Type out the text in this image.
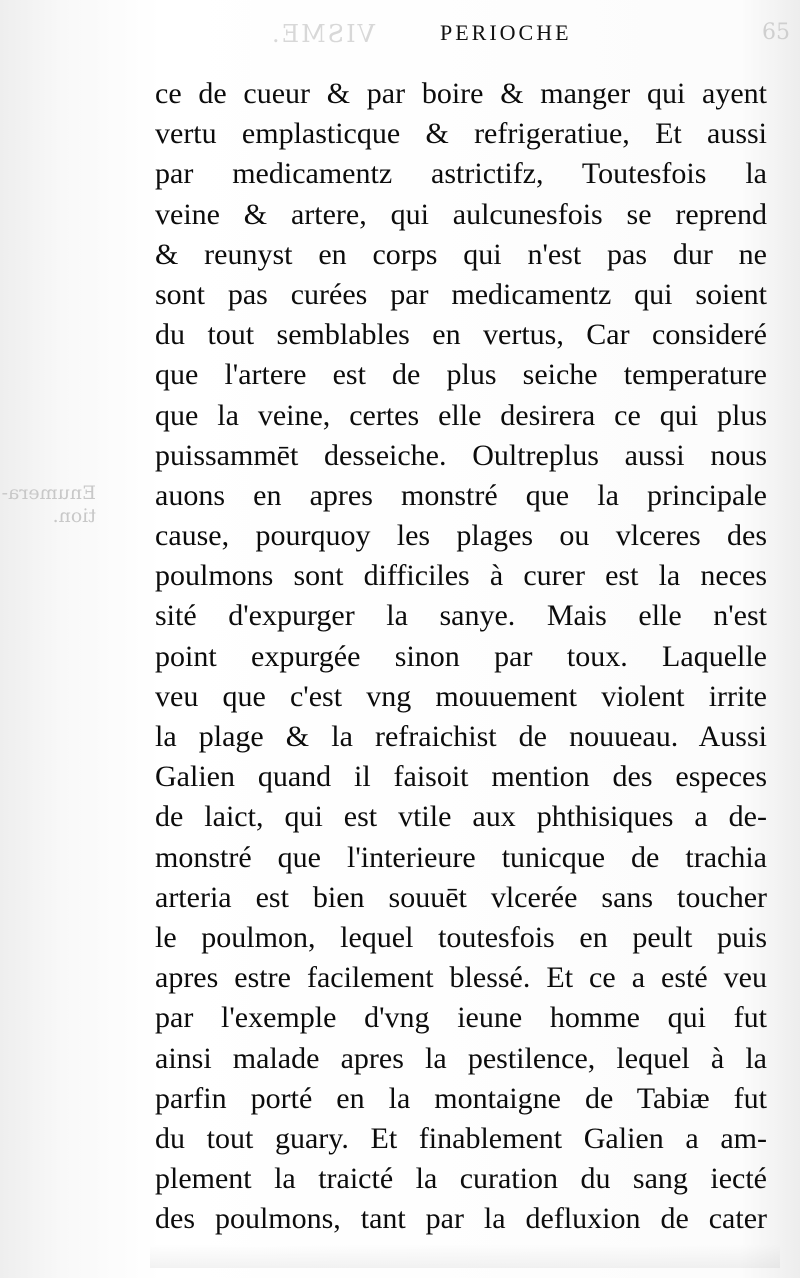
VISME.	65
Enumera- tion.
PERIOCHE
ce de cueur & par boire & manger qui ayent
vertu emplasticque & refrigeratiue, Et aussi
par medicamentz astrictifz, Toutesfois la
veine & artere, qui aulcunesfois se reprend
& reunyst en corps qui n'est pas dur ne
sont pas curées par medicamentz qui soient
du tout semblables en vertus, Car consideré
que l'artere est de plus seiche temperature
que la veine, certes elle desirera ce qui plus
puissammēt desseiche. Oultreplus aussi nous
auons en apres monstré que la principale
cause, pourquoy les plages ou vlceres des
poulmons sont difficiles à curer est la neces
sité d'expurger la sanye. Mais elle n'est
point expurgée sinon par toux. Laquelle
veu que c'est vng mouuement violent irrite
la plage & la refraichist de nouueau. Aussi
Galien quand il faisoit mention des especes
de laict, qui est vtile aux phthisiques a de-
monstré que l'interieure tunicque de trachia
arteria est bien souuēt vlcerée sans toucher
le poulmon, lequel toutesfois en peult puis
apres estre facilement blessé. Et ce a esté veu
par l'exemple d'vng ieune homme qui fut
ainsi malade apres la pestilence, lequel à la
parfin porté en la montaigne de Tabiæ fut
du tout guary. Et finablement Galien a am-
plement la traicté la curation du sang iecté
des poulmons, tant par la defluxion de cater
